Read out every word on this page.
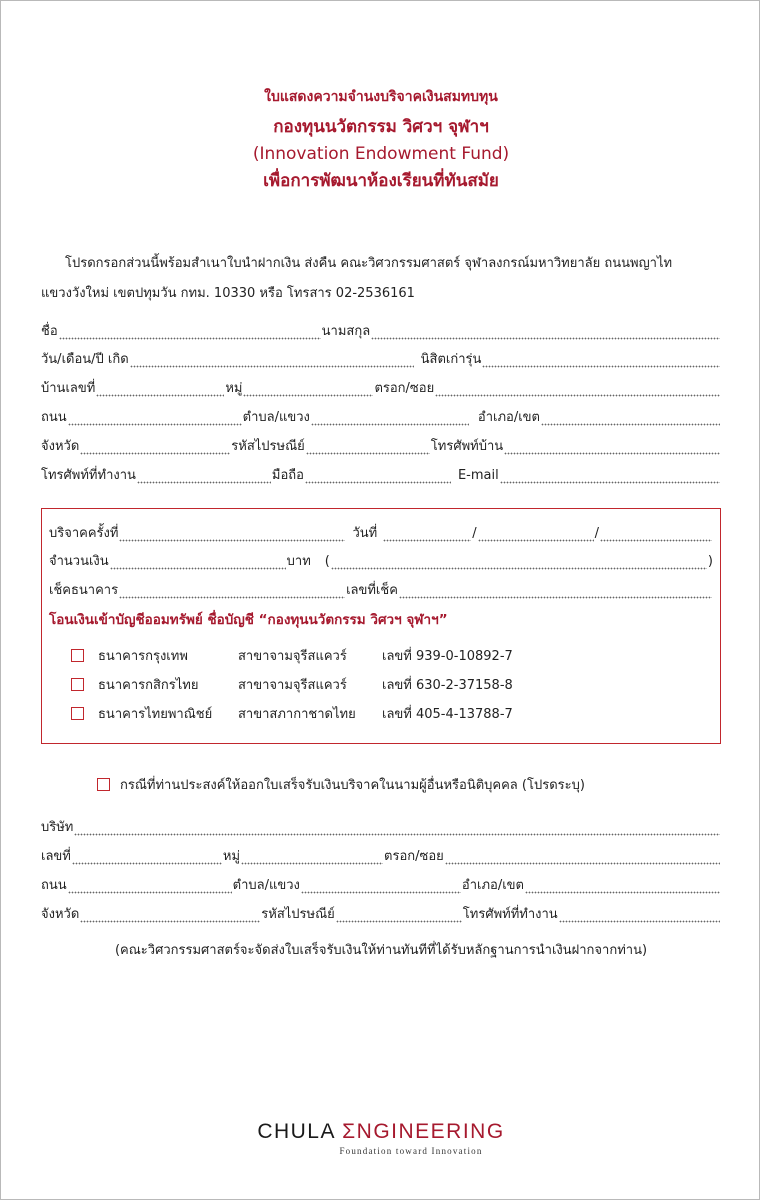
ใบแสดงความจำนงบริจาคเงินสมทบทุน
กองทุนนวัตกรรม วิศวฯ จุฬาฯ
(Innovation Endowment Fund)
เพื่อการพัฒนาห้องเรียนที่ทันสมัย
โปรดกรอกส่วนนี้พร้อมสำเนาใบนำฝากเงิน ส่งคืน คณะวิศวกรรมศาสตร์ จุฬาลงกรณ์มหาวิทยาลัย ถนนพญาไท
แขวงวังใหม่ เขตปทุมวัน กทม. 10330 หรือ โทรสาร 02-2536161
ชื่อ	นามสกุล
วัน/เดือน/ปี เกิด	นิสิตเก่ารุ่น
บ้านเลขที่	หมู่	ตรอก/ซอย
ถนน	ตำบล/แขวง	อำเภอ/เขต
จังหวัด	รหัสไปรษณีย์	โทรศัพท์บ้าน
โทรศัพท์ที่ทำงาน	มือถือ	E-mail
บริจาคครั้งที่	วันที่	/	/
จำนวนเงิน	บาท (	)
เช็คธนาคาร	เลขที่เช็ค
โอนเงินเข้าบัญชีออมทรัพย์ ชื่อบัญชี “กองทุนนวัตกรรม วิศวฯ จุฬาฯ”
ธนาคารกรุงเทพ	สาขาจามจุรีสแควร์	เลขที่ 939-0-10892-7
ธนาคารกสิกรไทย	สาขาจามจุรีสแควร์	เลขที่ 630-2-37158-8
ธนาคารไทยพาณิชย์	สาขาสภากาชาดไทย	เลขที่ 405-4-13788-7
กรณีที่ท่านประสงค์ให้ออกใบเสร็จรับเงินบริจาคในนามผู้อื่นหรือนิติบุคคล (โปรดระบุ)
บริษัท
เลขที่	หมู่	ตรอก/ซอย
ถนน	ตำบล/แขวง	อำเภอ/เขต
จังหวัด	รหัสไปรษณีย์	โทรศัพท์ที่ทำงาน
(คณะวิศวกรรมศาสตร์จะจัดส่งใบเสร็จรับเงินให้ท่านทันทีที่ได้รับหลักฐานการนำเงินฝากจากท่าน)
CHULA ΣNGINEERING
Foundation toward Innovation
